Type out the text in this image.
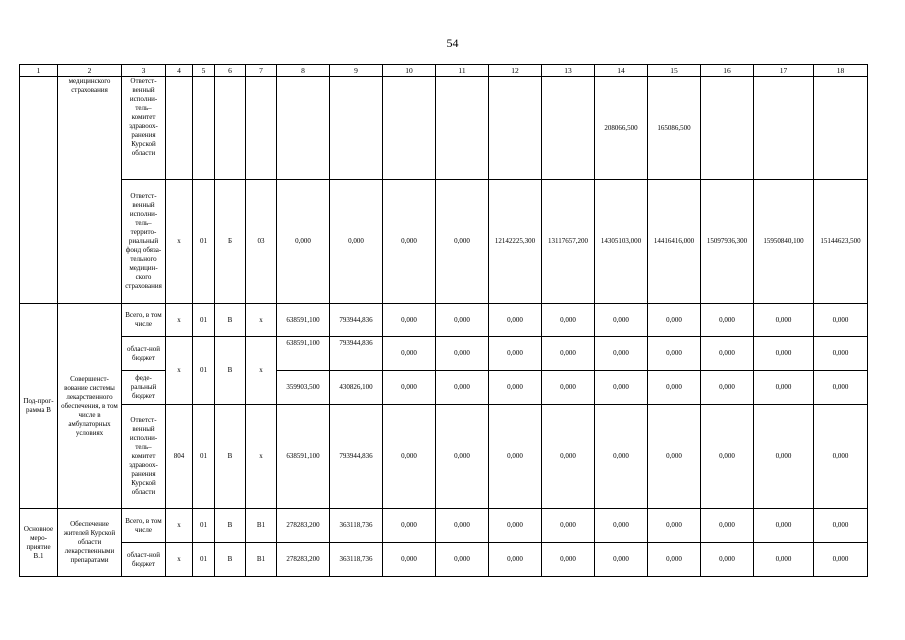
54
1	2	3	4	5	6	7	8	9	10	11	12	13	14	15	16	17	18
	медицинского страхования	Ответст-венный исполни-тель– комитет здравоох-ранения Курской области											208066,500	165086,500			
		Ответст-венный исполни-тель– террито-риальный фонд обяза-тельного медицин-ского страхования	х	01	Б	03	0,000	0,000	0,000	0,000	12142225,300	13117657,200	14305103,000	14416416,000	15097936,300	15950840,100	15144623,500
Под-прог-рамма В	Совершенст-вование системы лекарственного обеспечения, в том числе в амбулаторных условиях	Всего, в том числе	х	01	В	х	638591,100	793944,836	0,000	0,000	0,000	0,000	0,000	0,000	0,000	0,000	0,000
		област-ной бюджет	х	01	В	х	638591,100	793944,836	0,000	0,000	0,000	0,000	0,000	0,000	0,000	0,000	0,000
		феде-ральный бюджет					359903,500	430826,100	0,000	0,000	0,000	0,000	0,000	0,000	0,000	0,000	0,000
		Ответст-венный исполни-тель– комитет здравоох-ранения Курской области	804	01	В	х	638591,100	793944,836	0,000	0,000	0,000	0,000	0,000	0,000	0,000	0,000	0,000
Основное меро-приятие В.1	Обеспечение жителей Курской области лекарственными препаратами	Всего, в том числе	х	01	В	В1	278283,200	363118,736	0,000	0,000	0,000	0,000	0,000	0,000	0,000	0,000	0,000
		област-ной бюджет	х	01	В	В1	278283,200	363118,736	0,000	0,000	0,000	0,000	0,000	0,000	0,000	0,000	0,000
